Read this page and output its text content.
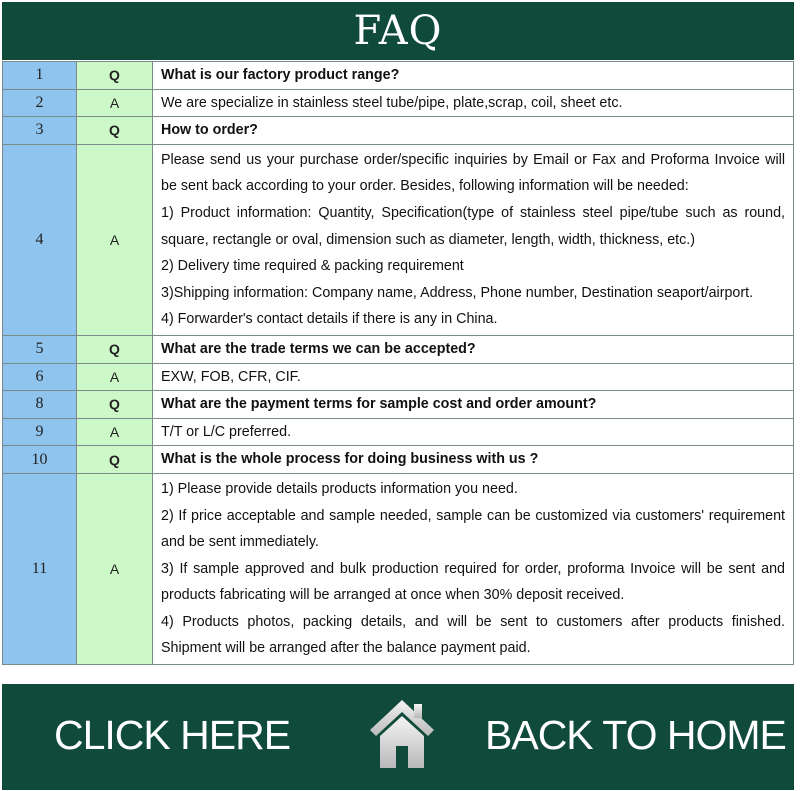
FAQ
1	Q	What is our factory product range?

2	A	We are specialize in stainless steel tube/pipe, plate,scrap, coil, sheet etc.

3	Q	How to order?

4	A	Please send us your purchase order/specific inquiries by Email or Fax and Proforma Invoice will be sent back according to your order. Besides, following information will be needed:
1) Product information: Quantity, Specification(type of stainless steel pipe/tube such as round, square, rectangle or oval, dimension such as diameter, length, width, thickness, etc.)
2) Delivery time required & packing requirement
3)Shipping information: Company name, Address, Phone number, Destination seaport/airport.
4) Forwarder's contact details if there is any in China.

5	Q	What are the trade terms we can be accepted?

6	A	EXW, FOB, CFR, CIF.

8	Q	What are the payment terms for sample cost and order amount?

9	A	T/T or L/C preferred.

10	Q	What is the whole process for doing business with us ?

11	A	1) Please provide details products information you need.
2) If price acceptable and sample needed, sample can be customized via customers' requirement and be sent immediately.
3) If sample approved and bulk production required for order, proforma Invoice will be sent and products fabricating will be arranged at once when 30% deposit received.
4) Products photos, packing details, and will be sent to customers after products finished. Shipment will be arranged after the balance payment paid.
CLICK HERE	BACK TO HOME
